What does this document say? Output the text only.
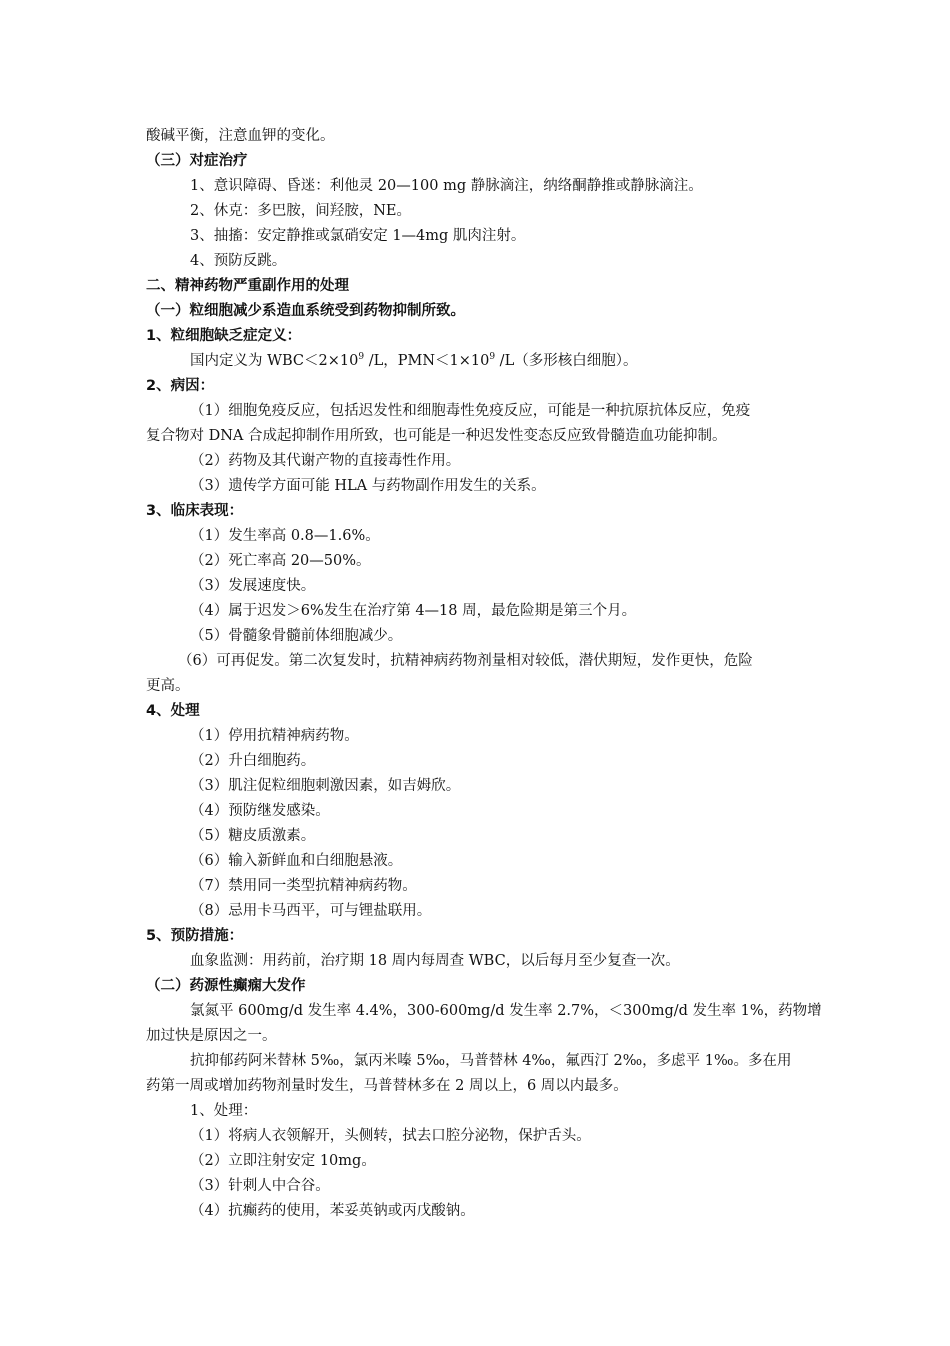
酸碱平衡，注意血钾的变化。
（三）对症治疗
1、意识障碍、昏迷：利他灵 20—100 mg 静脉滴注，纳络酮静推或静脉滴注。
2、休克：多巴胺，间羟胺，NE。
3、抽搐：安定静推或氯硝安定 1—4mg 肌肉注射。
4、预防反跳。
二、精神药物严重副作用的处理
（一）粒细胞减少系造血系统受到药物抑制所致。
1、粒细胞缺乏症定义：
国内定义为 $WBC<2\times 10^9$ /L，$PMN<1\times 10^9$ /L（多形核白细胞）。
2、病因：
（1）细胞免疫反应，包括迟发性和细胞毒性免疫反应，可能是一种抗原抗体反应，免疫
复合物对 DNA 合成起抑制作用所致，也可能是一种迟发性变态反应致骨髓造血功能抑制。
（2）药物及其代谢产物的直接毒性作用。
（3）遗传学方面可能 HLA 与药物副作用发生的关系。
3、临床表现：
（1）发生率高 0.8—1.6%。
（2）死亡率高 20—50%。
（3）发展速度快。
（4）属于迟发＞6%发生在治疗第 4—18 周，最危险期是第三个月。
（5）骨髓象骨髓前体细胞减少。
（6）可再促发。第二次复发时，抗精神病药物剂量相对较低，潜伏期短，发作更快，危险
更高。
4、处理
（1）停用抗精神病药物。
（2）升白细胞药。
（3）肌注促粒细胞刺激因素，如吉姆欣。
（4）预防继发感染。
（5）糖皮质激素。
（6）输入新鲜血和白细胞悬液。
（7）禁用同一类型抗精神病药物。
（8）忌用卡马西平，可与锂盐联用。
5、预防措施：
血象监测：用药前，治疗期 18 周内每周查 WBC，以后每月至少复查一次。
（二）药源性癫痫大发作
氯氮平 600mg/d 发生率 4.4%，300-600mg/d 发生率 2.7%，＜300mg/d 发生率 1%，药物增
加过快是原因之一。
抗抑郁药阿米替林 5‰，氯丙米嗪 5‰，马普替林 4‰，氟西汀 2‰，多虑平 1‰。多在用
药第一周或增加药物剂量时发生，马普替林多在 2 周以上，6 周以内最多。
1、处理：
（1）将病人衣领解开，头侧转，拭去口腔分泌物，保护舌头。
（2）立即注射安定 10mg。
（3）针刺人中合谷。
（4）抗癫药的使用，苯妥英钠或丙戊酸钠。
